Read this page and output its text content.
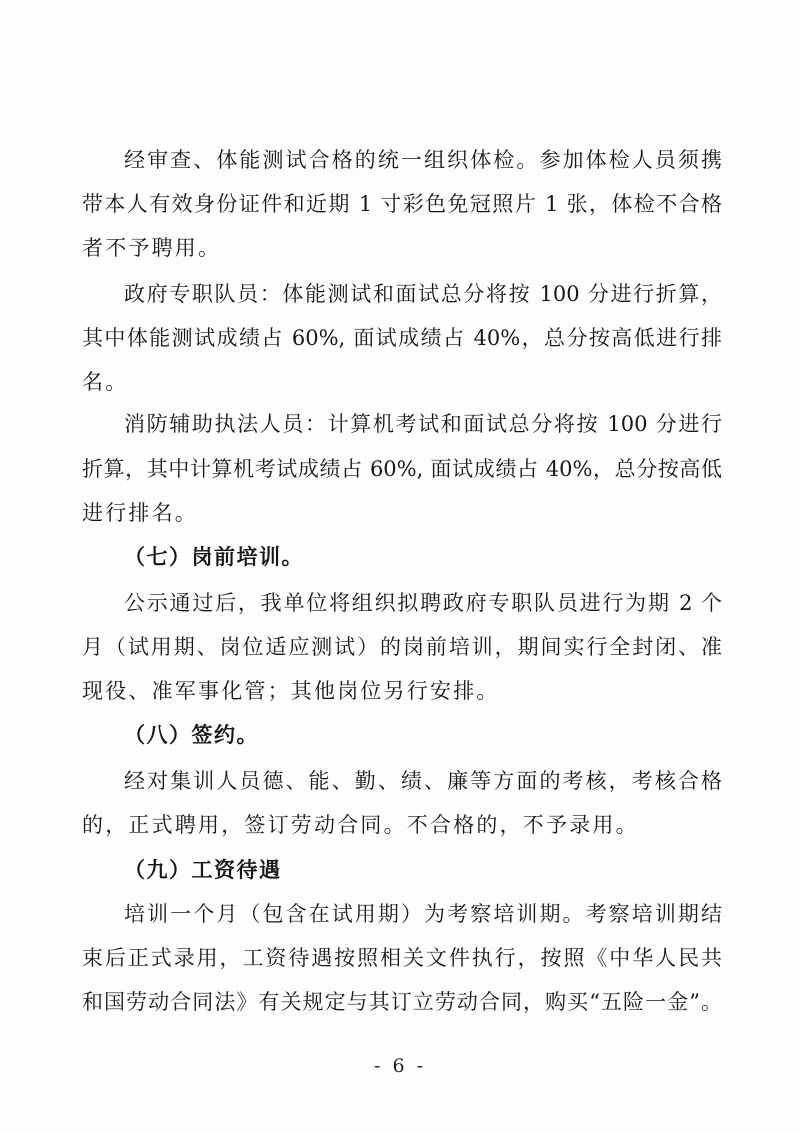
经审查、体能测试合格的统一组织体检。参加体检人员须携
带本人有效身份证件和近期 1 寸彩色免冠照片 1 张，体检不合格
者不予聘用。
政府专职队员：体能测试和面试总分将按 100 分进行折算，
其中体能测试成绩占 60%, 面试成绩占 40%，总分按高低进行排
名。
消防辅助执法人员：计算机考试和面试总分将按 100 分进行
折算，其中计算机考试成绩占 60%, 面试成绩占 40%，总分按高低
进行排名。
（七）岗前培训。
公示通过后，我单位将组织拟聘政府专职队员进行为期 2 个
月（试用期、岗位适应测试）的岗前培训，期间实行全封闭、准
现役、准军事化管；其他岗位另行安排。
（八）签约。
经对集训人员德、能、勤、绩、廉等方面的考核，考核合格
的，正式聘用，签订劳动合同。不合格的，不予录用。
（九）工资待遇
培训一个月（包含在试用期）为考察培训期。考察培训期结
束后正式录用，工资待遇按照相关文件执行，按照《中华人民共
和国劳动合同法》有关规定与其订立劳动合同，购买“五险一金”。
- 6 -
